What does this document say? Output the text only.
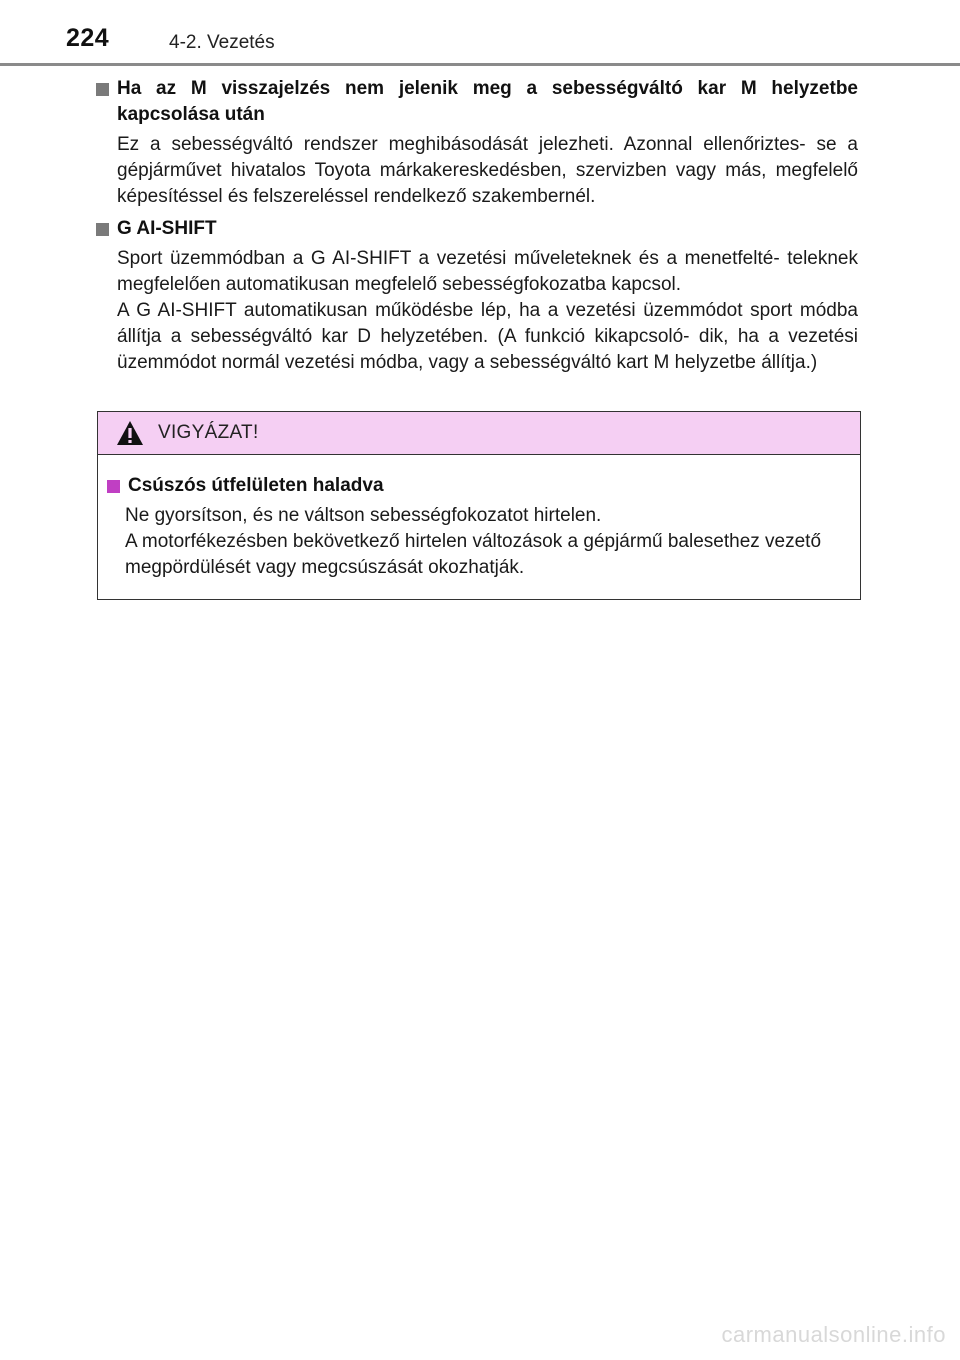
224	4-2. Vezetés
Ha az M visszajelzés nem jelenik meg a sebességváltó kar M helyzetbe kapcsolása után

Ez a sebességváltó rendszer meghibásodását jelezheti. Azonnal ellenőriztes- se a gépjárművet hivatalos Toyota márkakereskedésben, szervizben vagy más, megfelelő képesítéssel és felszereléssel rendelkező szakembernél.

G AI-SHIFT

Sport üzemmódban a G AI-SHIFT a vezetési műveleteknek és a menetfelté- teleknek megfelelően automatikusan megfelelő sebességfokozatba kapcsol.

A G AI-SHIFT automatikusan működésbe lép, ha a vezetési üzemmódot sport módba állítja a sebességváltó kar D helyzetében. (A funkció kikapcsoló- dik, ha a vezetési üzemmódot normál vezetési módba, vagy a sebességváltó kart M helyzetbe állítja.)

VIGYÁZAT!
Csúszós útfelületen haladva

Ne gyorsítson, és ne váltson sebességfokozatot hirtelen.

A motorfékezésben bekövetkező hirtelen változások a gépjármű balesethez vezető megpördülését vagy megcsúszását okozhatják.

carmanualsonline.info
